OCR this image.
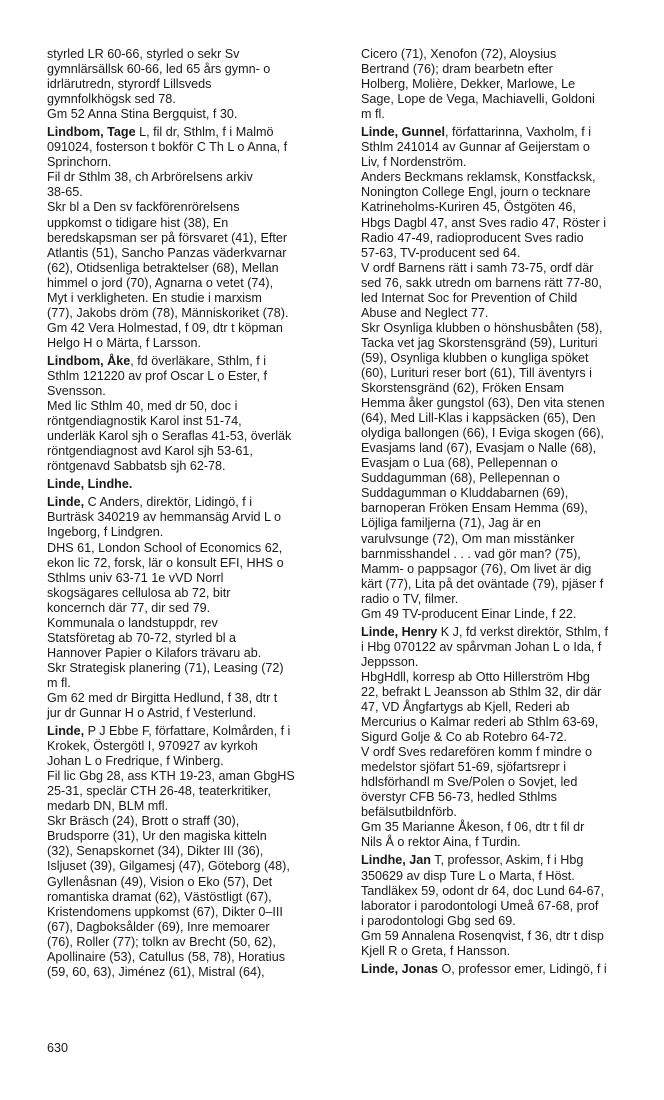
styrled LR 60-66, styrled o sekr Sv
gymnlärsällsk 60-66, led 65 års gymn- o
idrlärutredn, styrordf Lillsveds
gymnfolkhögsk sed 78.
Gm 52 Anna Stina Bergquist, f 30.
Lindbom, Tage L, fil dr, Sthlm, f i Malmö
091024, fosterson t bokför C Th L o Anna, f
Sprinchorn.
Fil dr Sthlm 38, ch Arbrörelsens arkiv
38-65.
Skr bl a Den sv fackförenrörelsens
uppkomst o tidigare hist (38), En
beredskapsman ser på försvaret (41), Efter
Atlantis (51), Sancho Panzas väderkvarnar
(62), Otidsenliga betraktelser (68), Mellan
himmel o jord (70), Agnarna o vetet (74),
Myt i verkligheten. En studie i marxism
(77), Jakobs dröm (78), Människoriket (78).
Gm 42 Vera Holmestad, f 09, dtr t köpman
Helgo H o Märta, f Larsson.
Lindbom, Åke, fd överläkare, Sthlm, f i
Sthlm 121220 av prof Oscar L o Ester, f
Svensson.
Med lic Sthlm 40, med dr 50, doc i
röntgendiagnostik Karol inst 51-74,
underläk Karol sjh o Seraflas 41-53, överläk
röntgendiagnost avd Karol sjh 53-61,
röntgenavd Sabbatsb sjh 62-78.
Linde, Lindhe.
Linde, C Anders, direktör, Lidingö, f i
Burträsk 340219 av hemmansäg Arvid L o
Ingeborg, f Lindgren.
DHS 61, London School of Economics 62,
ekon lic 72, forsk, lär o konsult EFI, HHS o
Sthlms univ 63-71 1e vVD Norrl
skogsägares cellulosa ab 72, bitr
koncernch där 77, dir sed 79.
Kommunala o landstuppdr, rev
Statsföretag ab 70-72, styrled bl a
Hannover Papier o Kilafors trävaru ab.
Skr Strategisk planering (71), Leasing (72)
m fl.
Gm 62 med dr Birgitta Hedlund, f 38, dtr t
jur dr Gunnar H o Astrid, f Vesterlund.
Linde, P J Ebbe F, författare, Kolmården, f i
Krokek, Östergötl I, 970927 av kyrkoh
Johan L o Fredrique, f Winberg.
Fil lic Gbg 28, ass KTH 19-23, aman GbgHS
25-31, speclär CTH 26-48, teaterkritiker,
medarb DN, BLM mfl.
Skr Bräsch (24), Brott o straff (30),
Brudsporre (31), Ur den magiska kitteln
(32), Senapskornet (34), Dikter III (36),
Isljuset (39), Gilgamesj (47), Göteborg (48),
Gyllenåsnan (49), Vision o Eko (57), Det
romantiska dramat (62), Västöstligt (67),
Kristendomens uppkomst (67), Dikter 0–III
(67), Dagboksålder (69), Inre memoarer
(76), Roller (77); tolkn av Brecht (50, 62),
Apollinaire (53), Catullus (58, 78), Horatius
(59, 60, 63), Jiménez (61), Mistral (64),
Cicero (71), Xenofon (72), Aloysius
Bertrand (76); dram bearbetn efter
Holberg, Molière, Dekker, Marlowe, Le
Sage, Lope de Vega, Machiavelli, Goldoni
m fl.
Linde, Gunnel, författarinna, Vaxholm, f i
Sthlm 241014 av Gunnar af Geijerstam o
Liv, f Nordenström.
Anders Beckmans reklamsk, Konstfacksk,
Nonington College Engl, journ o tecknare
Katrineholms-Kuriren 45, Östgöten 46,
Hbgs Dagbl 47, anst Sves radio 47, Röster i
Radio 47-49, radioproducent Sves radio
57-63, TV-producent sed 64.
V ordf Barnens rätt i samh 73-75, ordf där
sed 76, sakk utredn om barnens rätt 77-80,
led Internat Soc for Prevention of Child
Abuse and Neglect 77.
Skr Osynliga klubben o hönshusbåten (58),
Tacka vet jag Skorstensgränd (59), Lurituri
(59), Osynliga klubben o kungliga spöket
(60), Lurituri reser bort (61), Till äventyrs i
Skorstensgränd (62), Fröken Ensam
Hemma åker gungstol (63), Den vita stenen
(64), Med Lill-Klas i kappsäcken (65), Den
olydiga ballongen (66), I Eviga skogen (66),
Evasjams land (67), Evasjam o Nalle (68),
Evasjam o Lua (68), Pellepennan o
Suddagumman (68), Pellepennan o
Suddagumman o Kluddabarnen (69),
barnoperan Fröken Ensam Hemma (69),
Löjliga familjerna (71), Jag är en
varulvsunge (72), Om man misstänker
barnmisshandel . . . vad gör man? (75),
Mamm- o pappsagor (76), Om livet är dig
kärt (77), Lita på det oväntade (79), pjäser f
radio o TV, filmer.
Gm 49 TV-producent Einar Linde, f 22.
Linde, Henry K J, fd verkst direktör, Sthlm, f
i Hbg 070122 av spårvman Johan L o Ida, f
Jeppsson.
HbgHdll, korresp ab Otto Hillerström Hbg
22, befrakt L Jeansson ab Sthlm 32, dir där
47, VD Ångfartygs ab Kjell, Rederi ab
Mercurius o Kalmar rederi ab Sthlm 63-69,
Sigurd Golje & Co ab Rotebro 64-72.
V ordf Sves redarefören komm f mindre o
medelstor sjöfart 51-69, sjöfartsrepr i
hdlsförhandl m Sve/Polen o Sovjet, led
överstyr CFB 56-73, hedled Sthlms
befälsutbildnförb.
Gm 35 Marianne Åkeson, f 06, dtr t fil dr
Nils Å o rektor Aina, f Turdin.
Lindhe, Jan T, professor, Askim, f i Hbg
350629 av disp Ture L o Marta, f Höst.
Tandläkex 59, odont dr 64, doc Lund 64-67,
laborator i parodontologi Umeå 67-68, prof
i parodontologi Gbg sed 69.
Gm 59 Annalena Rosenqvist, f 36, dtr t disp
Kjell R o Greta, f Hansson.
Linde, Jonas O, professor emer, Lidingö, f i
630
